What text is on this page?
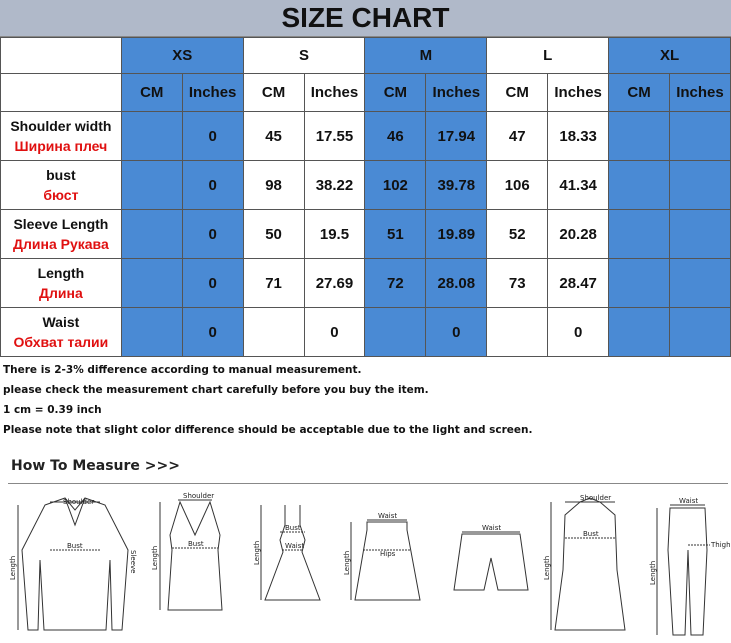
SIZE CHART
	XS		S		M		L		XL	
	CM	Inches	CM	Inches	CM	Inches	CM	Inches	CM	Inches

Shoulder width
Ширина плеч		0	45	17.55	46	17.94	47	18.33		

bust
бюст		0	98	38.22	102	39.78	106	41.34		

Sleeve Length
Длина Рукава		0	50	19.5	51	19.89	52	20.28		

Length
Длина		0	71	27.69	72	28.08	73	28.47		

Waist
Обхват талии		0		0		0		0		
There is 2-3% difference according to manual measurement.
please check the measurement chart carefully before you buy the item.
1 cm = 0.39 inch
Please note that slight color difference should be acceptable due to the light and screen.
How To Measure >>>
Shoulder
Bust
Length	Sleeve
Shoulder
Bust
Length
Bust
Waist
Length
Waist
Hips
Length
Waist
Shoulder
Bust
Length
Waist
Thigh
Length
